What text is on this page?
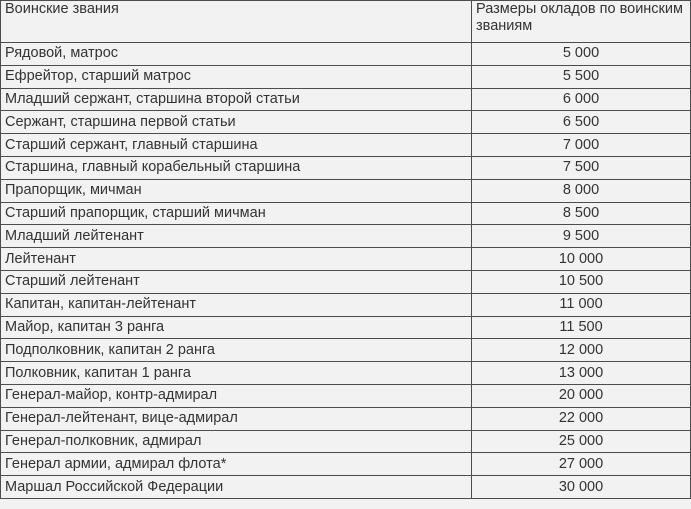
Воинские звания	Размеры окладов по воинским званиям
Рядовой, матрос	5 000
Ефрейтор, старший матрос	5 500
Младший сержант, старшина второй статьи	6 000
Сержант, старшина первой статьи	6 500
Старший сержант, главный старшина	7 000
Старшина, главный корабельный старшина	7 500
Прапорщик, мичман	8 000
Старший прапорщик, старший мичман	8 500
Младший лейтенант	9 500
Лейтенант	10 000
Старший лейтенант	10 500
Капитан, капитан-лейтенант	11 000
Майор, капитан 3 ранга	11 500
Подполковник, капитан 2 ранга	12 000
Полковник, капитан 1 ранга	13 000
Генерал-майор, контр-адмирал	20 000
Генерал-лейтенант, вице-адмирал	22 000
Генерал-полковник, адмирал	25 000
Генерал армии, адмирал флота*	27 000
Маршал Российской Федерации	30 000
